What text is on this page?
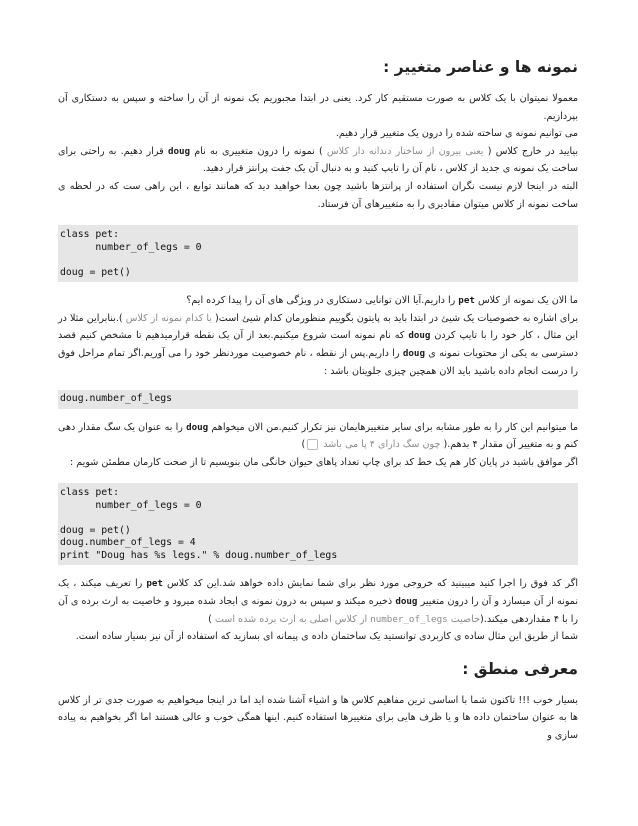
نمونه ها و عناصر متغییر :

معمولا نمیتوان با یک کلاس به صورت مستقیم کار کرد. یعنی در ابتدا مجبوریم یک نمونه از آن را ساخته و سپس به دستکاری آن بپردازیم.

می توانیم نمونه ی ساخته شده را درون یک متغییر قرار دهیم.

بیایید در خارج کلاس ( یعنی بیرون از ساختار دندانه دار کلاس ) نمونه را درون متغییری به نام doug قرار دهیم. به راحتی برای ساخت یک نمونه ی جدید از کلاس ، نام آن را تایپ کنید و به دنبال آن یک جفت پرانتز قرار دهید.

البته در اینجا لازم نیست نگران استفاده از پرانتزها باشید چون بعدا خواهید دید که همانند توابع ، این راهی ست که در لحظه ی ساخت نمونه از کلاس میتوان مقادیری را به متغییرهای آن فرستاد.

class pet:
number_of_legs = 0

doug = pet()

ما الان یک نمونه از کلاس pet را داریم.آیا الان توانایی دستکاری در ویژگی های آن را پیدا کرده ایم؟

برای اشاره به خصوصیات یک شیئ در ابتدا باید به پایتون بگوییم منظورمان کدام شیئ است( یا کدام نمونه از کلاس ).بنابراین مثلا در این مثال ، کار خود را با تایپ کردن doug که نام نمونه است شروع میکنیم.بعد از آن یک نقطه قرارمیدهیم تا مشخص کنیم قصد دسترسی به یکی از محتویات نمونه ی doug را داریم.پس از نقطه ، نام خصوصیت موردنظر خود را می آوریم.اگر تمام مراحل فوق را درست انجام داده باشید باید الان همچین چیزی جلویتان باشد :

doug.number_of_legs

ما میتوانیم این کار را به طور مشابه برای سایر متغییرهایمان نیز تکرار کنیم.من الان میخواهم doug را به عنوان یک سگ مقدار دهی کنم و به متغییر آن مقدار ۴ بدهم.( چون سگ دارای ۴ پا می باشد )

اگر موافق باشید در پایان کار هم یک خط کد برای چاپ تعداد پاهای حیوان خانگی مان بنویسیم تا از صحت کارمان مطمئن شویم :

class pet:
number_of_legs = 0

doug = pet()
doug.number_of_legs = 4
print "Doug has %s legs." % doug.number_of_legs

اگر کد فوق را اجرا کنید میبینید که خروجی مورد نظر برای شما نمایش داده خواهد شد.این کد کلاس pet را تعریف میکند ، یک نمونه از آن میسازد و آن را درون متغییر doug ذخیره میکند و سپس به درون نمونه ی ایجاد شده میرود و خاصیت به ارث برده ی آن را با ۴ مقداردهی میکند.(خاصیت number_of_legs از کلاس اصلی به ارث برده شده است )

شما از طریق این مثال ساده ی کاربردی توانستید یک ساختمان داده ی پیمانه ای بسازید که استفاده از آن نیز بسیار ساده است.

معرفی منطق :

بسیار خوب !!! تاکنون شما با اساسی ترین مفاهیم کلاس ها و اشیاء آشنا شده اید اما در اینجا میخواهیم به صورت جدی تر از کلاس ها به عنوان ساختمان داده ها و یا ظرف هایی برای متغییرها استفاده کنیم. اینها همگی خوب و عالی هستند اما اگر بخواهیم به پیاده سازی و
